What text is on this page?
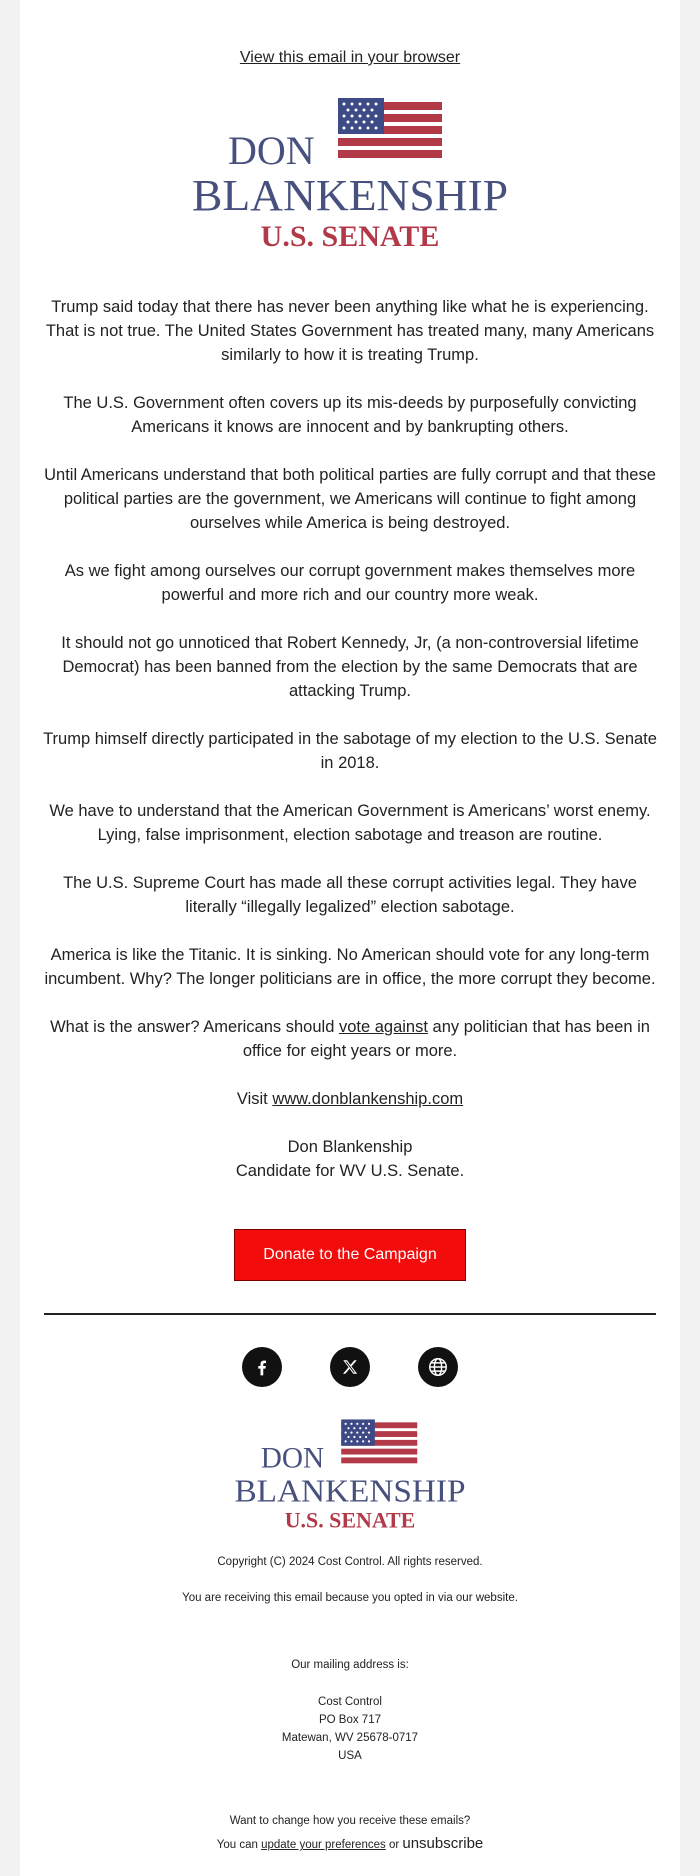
View this email in your browser
DON
BLANKENSHIP
U.S. SENATE

Trump said today that there has never been anything like what he is experiencing. That is not true. The United States Government has treated many, many Americans similarly to how it is treating Trump.

The U.S. Government often covers up its mis-deeds by purposefully convicting Americans it knows are innocent and by bankrupting others.

Until Americans understand that both political parties are fully corrupt and that these political parties are the government, we Americans will continue to fight among ourselves while America is being destroyed.

As we fight among ourselves our corrupt government makes themselves more powerful and more rich and our country more weak.

It should not go unnoticed that Robert Kennedy, Jr, (a non-controversial lifetime Democrat) has been banned from the election by the same Democrats that are attacking Trump.

Trump himself directly participated in the sabotage of my election to the U.S. Senate in 2018.

We have to understand that the American Government is Americans’ worst enemy. Lying, false imprisonment, election sabotage and treason are routine.

The U.S. Supreme Court has made all these corrupt activities legal. They have literally “illegally legalized” election sabotage.

America is like the Titanic. It is sinking. No American should vote for any long-term incumbent. Why? The longer politicians are in office, the more corrupt they become.

What is the answer? Americans should vote against any politician that has been in office for eight years or more.

Visit www.donblankenship.com

Don Blankenship
Candidate for WV U.S. Senate.

Donate to the Campaign
DON
BLANKENSHIP
U.S. SENATE
Copyright (C) 2024 Cost Control. All rights reserved.
You are receiving this email because you opted in via our website.
Our mailing address is:
Cost Control
PO Box 717
Matewan, WV 25678-0717
USA
Want to change how you receive these emails?
You can update your preferences or unsubscribe
